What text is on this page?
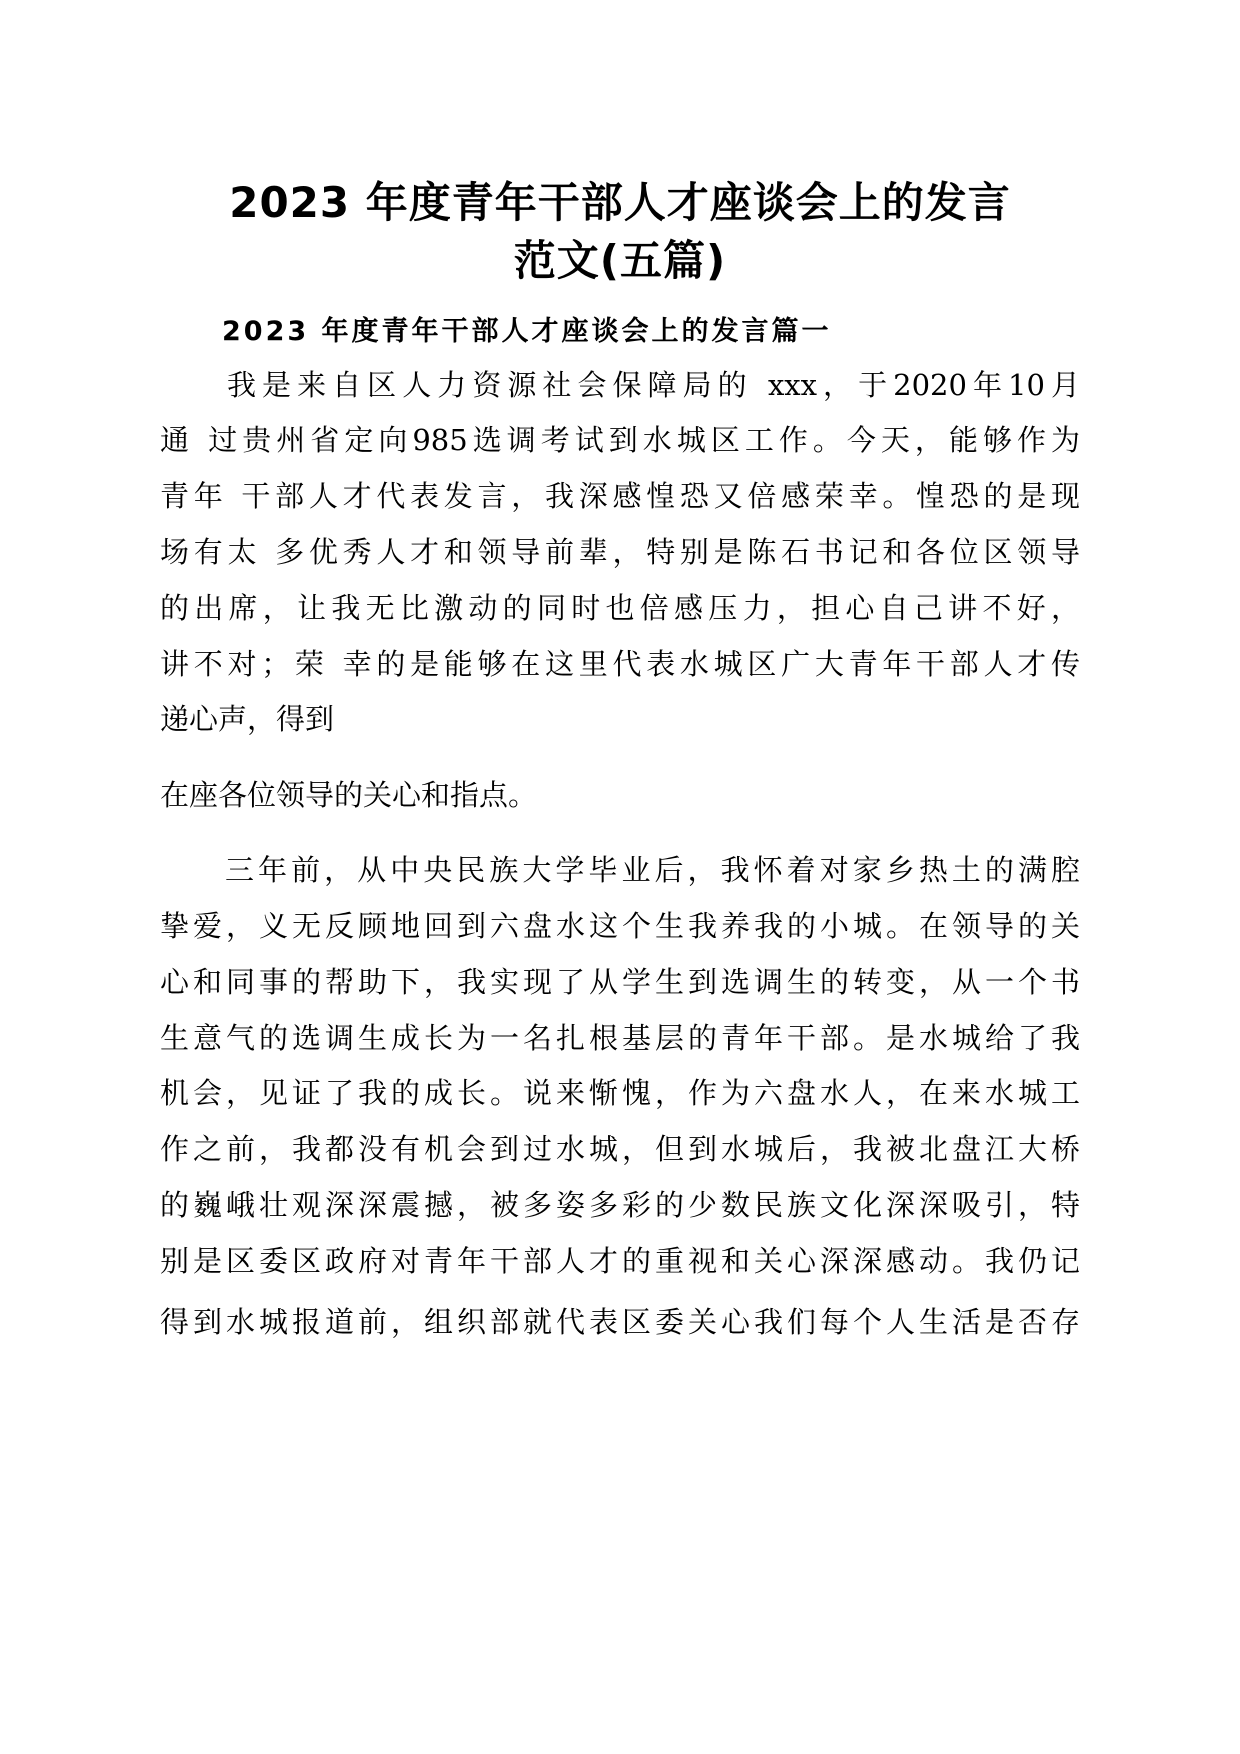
2023 年度青年干部人才座谈会上的发言
范文(五篇)
2023 年度青年干部人才座谈会上的发言篇一

我是来自区人力资源社会保障局的 xxx，于2020年10月

通 过贵州省定向985选调考试到水城区工作。今天，能够作为

青年 干部人才代表发言，我深感惶恐又倍感荣幸。惶恐的是现

场有太 多优秀人才和领导前辈，特别是陈石书记和各位区领导

的出席，让我无比激动的同时也倍感压力，担心自己讲不好，

讲不对；荣 幸的是能够在这里代表水城区广大青年干部人才传

递心声，得到

在座各位领导的关心和指点。

三年前，从中央民族大学毕业后，我怀着对家乡热土的满腔

挚爱，义无反顾地回到六盘水这个生我养我的小城。在领导的关

心和同事的帮助下，我实现了从学生到选调生的转变，从一个书

生意气的选调生成长为一名扎根基层的青年干部。是水城给了我

机会，见证了我的成长。说来惭愧，作为六盘水人，在来水城工

作之前，我都没有机会到过水城，但到水城后，我被北盘江大桥

的巍峨壮观深深震撼，被多姿多彩的少数民族文化深深吸引，特

别是区委区政府对青年干部人才的重视和关心深深感动。我仍记

得到水城报道前，组织部就代表区委关心我们每个人生活是否存
